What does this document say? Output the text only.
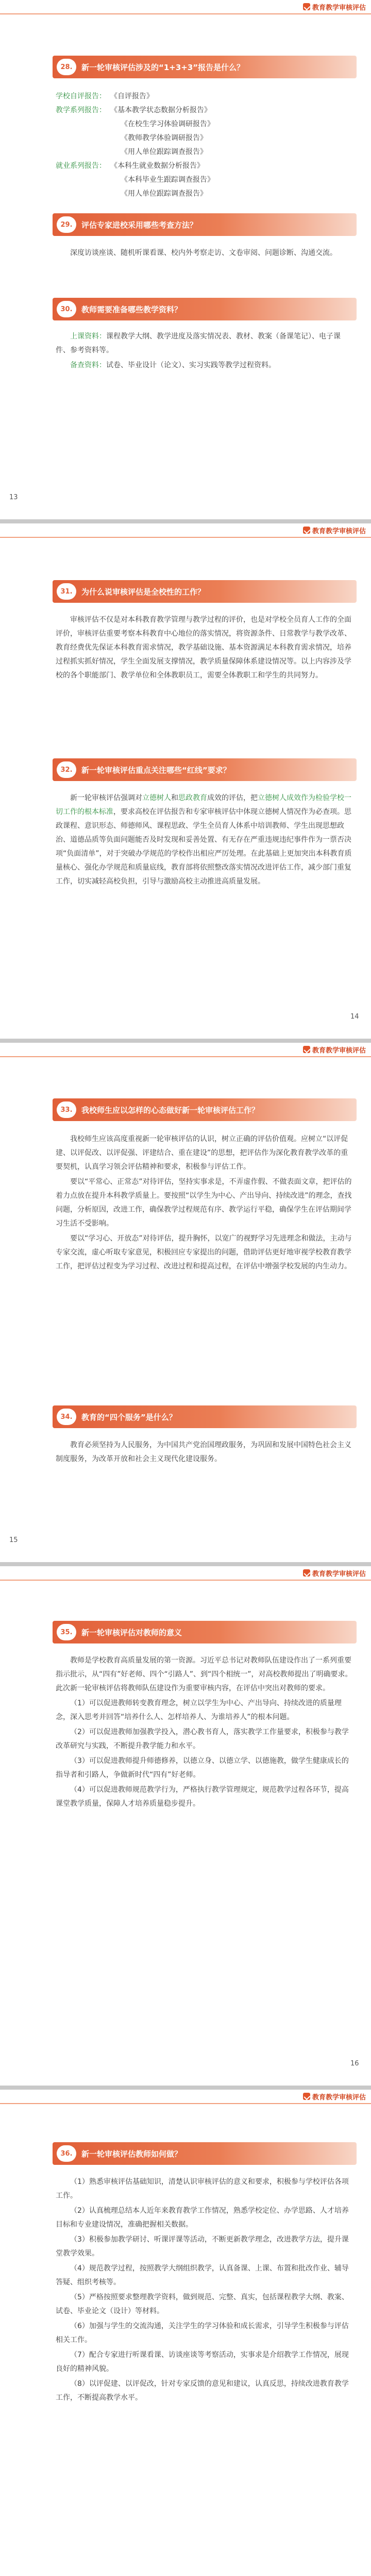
教育教学审核评估
28.	新一轮审核评估涉及的“1+3+3”报告是什么？
学校自评报告： 《自评报告》
教学系列报告： 《基本教学状态数据分析报告》
《在校生学习体验调研报告》
《教师教学体验调研报告》
《用人单位跟踪调查报告》
就业系列报告： 《本科生就业数据分析报告》
《本科毕业生跟踪调查报告》
《用人单位跟踪调查报告》
29.	评估专家进校采用哪些考查方法？

深度访谈座谈、随机听课看课、校内外考察走访、文卷审阅、问题诊断、沟通交流。

30.	教师需要准备哪些教学资料？

上课资料：课程教学大纲、教学进度及落实情况表、教材、教案（备课笔记）、电子课件、参考资料等。

备查资料：试卷、毕业设计（论文）、实习实践等教学过程资料。

13
教育教学审核评估
31.	为什么说审核评估是全校性的工作？

审核评估不仅是对本科教育教学管理与教学过程的评价，也是对学校全员育人工作的全面评价，审核评估重要考察本科教育中心地位的落实情况，将资源条件、日常教学与教学改革、教育经费优先保证本科教育需求情况，教学基础设施、基本资源满足本科教育需求情况，培养过程抓实抓好情况，学生全面发展支撑情况，教学质量保障体系建设情况等。以上内容涉及学校的各个职能部门、教学单位和全体教职员工，需要全体教职工和学生的共同努力。

32.	新一轮审核评估重点关注哪些“红线”要求？

新一轮审核评估强调对立德树人和思政教育成效的评估，把立德树人成效作为检验学校一切工作的根本标准，要求高校在评估报告和专家审核评估中体现立德树人情况作为必查项。思政课程、意识形态、师德师风、课程思政、学生全员育人体系中培训教师、学生出现思想政治、道德品质等负面问题能否及时发现和妥善处置、有无存在严重违规违纪事件作为一票否决项“负面清单”，对于突破办学规范的学校作出相应严厉处理。在此基础上更加突出本科教育质量核心、强化办学规范和质量底线，教育部将依照整改落实情况改进评估工作，减少部门重复工作，切实减轻高校负担，引导与激励高校主动推进高质量发展。

14
教育教学审核评估
33.	我校师生应以怎样的心态做好新一轮审核评估工作？

我校师生应该高度重视新一轮审核评估的认识，树立正确的评估价值观。应树立“以评促建、以评促改、以评促强、评建结合、重在建设”的思想，把评估作为深化教育教学改革的重要契机，认真学习领会评估精神和要求，积极参与评估工作。

要以“平常心、正常态”对待评估，坚持实事求是，不弄虚作假、不做表面文章，把评估的着力点放在提升本科教学质量上。要按照“以学生为中心、产出导向、持续改进”的理念，查找问题，分析原因，改进工作，确保教学过程规范有序、教学运行平稳，确保学生在评估期间学习生活不受影响。

要以“学习心、开放态”对待评估，提升胸怀，以宽广的视野学习先进理念和做法，主动与专家交流，虚心听取专家意见，积极回应专家提出的问题，借助评估更好地审视学校教育教学工作，把评估过程变为学习过程、改进过程和提高过程，在评估中增强学校发展的内生动力。

34.	教育的“四个服务”是什么？

教育必须坚持为人民服务，为中国共产党治国理政服务，为巩固和发展中国特色社会主义制度服务，为改革开放和社会主义现代化建设服务。

15
教育教学审核评估
35.	新一轮审核评估对教师的意义

教师是学校教育高质量发展的第一资源。习近平总书记对教师队伍建设作出了一系列重要指示批示，从“四有”好老师、四个“引路人”、到“四个相统一”，对高校教师提出了明确要求。此次新一轮审核评估将教师队伍建设作为重要审核内容，在评估中突出对教师的要求。

（1）可以促进教师转变教育理念，树立以学生为中心、产出导向、持续改进的质量理念，深入思考并回答“培养什么人、怎样培养人、为谁培养人”的根本问题。

（2）可以促进教师加强教学投入，潜心教书育人，落实教学工作量要求，积极参与教学改革研究与实践，不断提升教学能力和水平。

（3）可以促进教师提升师德修养，以德立身、以德立学、以德施教，做学生健康成长的指导者和引路人，争做新时代“四有”好老师。

（4）可以促进教师规范教学行为，严格执行教学管理规定，规范教学过程各环节，提高课堂教学质量，保障人才培养质量稳步提升。

16
教育教学审核评估
36.	新一轮审核评估教师如何做？

（1）熟悉审核评估基础知识，清楚认识审核评估的意义和要求，积极参与学校评估各项工作。

（2）认真梳理总结本人近年来教育教学工作情况，熟悉学校定位、办学思路、人才培养目标和专业建设情况，准确把握相关数据。

（3）积极参加教学研讨、听课评课等活动，不断更新教学理念，改进教学方法，提升课堂教学效果。

（4）规范教学过程，按照教学大纲组织教学，认真备课、上课、布置和批改作业、辅导答疑、组织考核等。

（5）严格按照要求整理教学资料，做到规范、完整、真实，包括课程教学大纲、教案、试卷、毕业论文（设计）等材料。

（6）加强与学生的交流沟通，关注学生的学习体验和成长需求，引导学生积极参与评估相关工作。

（7）配合专家进行听课看课、访谈座谈等考察活动，实事求是介绍教学工作情况，展现良好的精神风貌。

（8）以评促建、以评促改，针对专家反馈的意见和建议，认真反思，持续改进教育教学工作，不断提高教学水平。
